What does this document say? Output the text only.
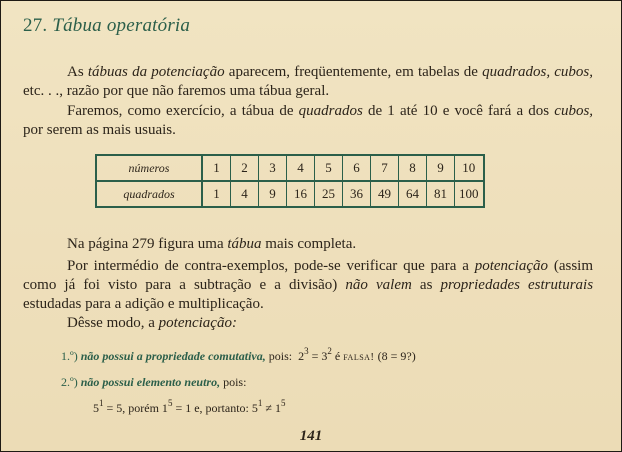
27. Tábua operatória
As tábuas da potenciação aparecem, freqüentemente, em tabelas de quadrados, cubos, etc. . ., razão por que não faremos uma tábua geral.
Faremos, como exercício, a tábua de quadrados de 1 até 10 e você fará a dos cubos, por serem as mais usuais.
números	1	2	3	4	5	6	7	8	9	10
quadrados	1	4	9	16	25	36	49	64	81	100
Na página 279 figura uma tábua mais completa.
Por intermédio de contra-exemplos, pode-se verificar que para a potenciação (assim como já foi visto para a subtração e a divisão) não valem as propriedades estruturais estudadas para a adição e multiplicação.
Dêsse modo, a potenciação:
1.º) não possui a propriedade comutativa, pois: $2^3 = 3^2$ é falsa! (8 = 9?)
2.º) não possui elemento neutro, pois:
$5^1 = 5$, porém $1^5 = 1$ e, portanto: $5^1 \ne 1^5$
141
